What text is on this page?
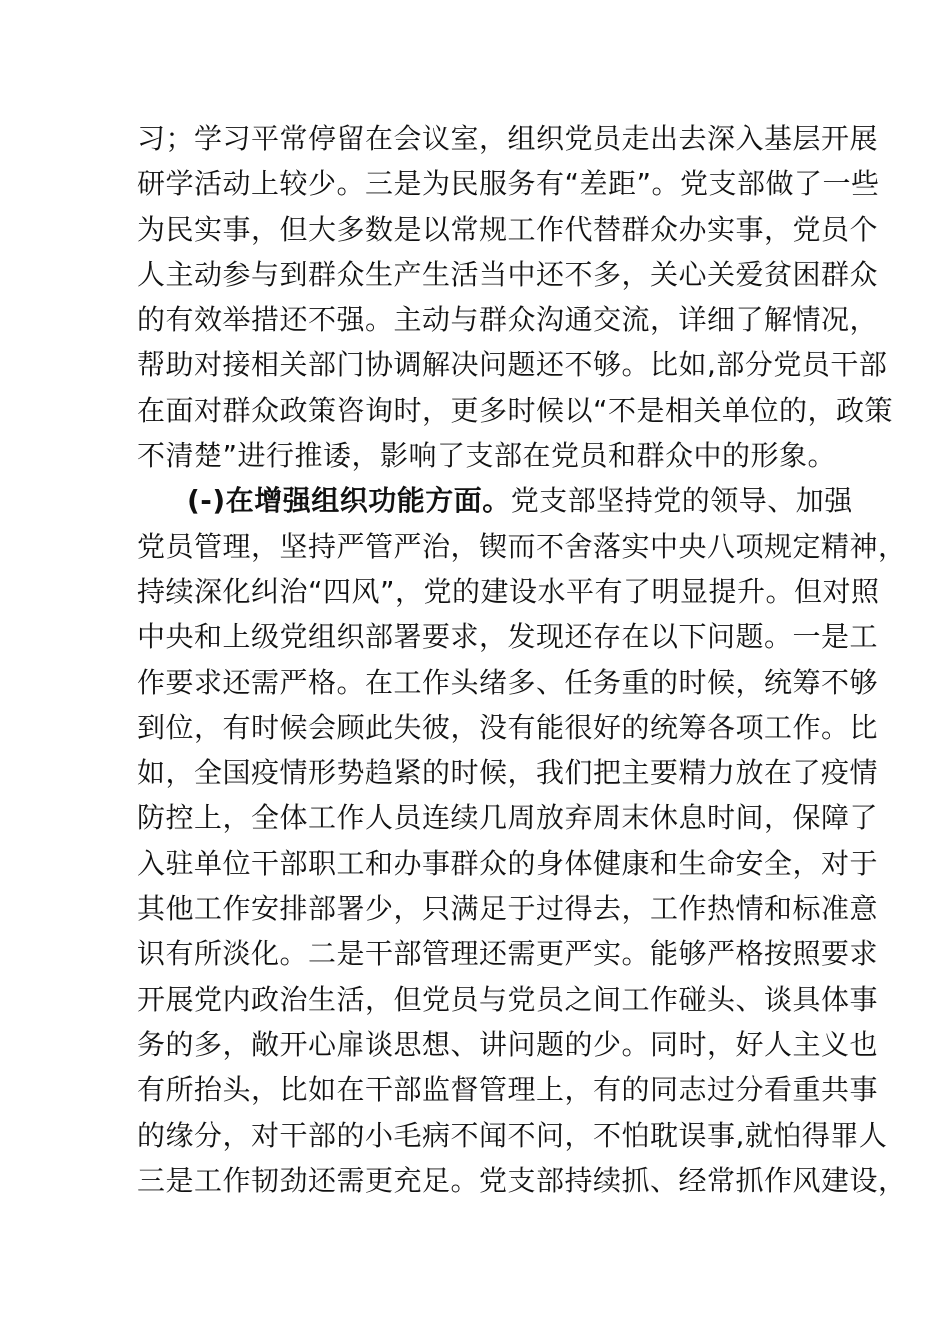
习；学习平常停留在会议室，组织党员走出去深入基层开展
研学活动上较少。三是为民服务有“差距”。党支部做了一些
为民实事，但大多数是以常规工作代替群众办实事，党员个
人主动参与到群众生产生活当中还不多，关心关爱贫困群众
的有效举措还不强。主动与群众沟通交流，详细了解情况，
帮助对接相关部门协调解决问题还不够。比如,部分党员干部
在面对群众政策咨询时，更多时候以“不是相关单位的，政策
不清楚”进行推诿，影响了支部在党员和群众中的形象。
(-)在增强组织功能方面。党支部坚持党的领导、加强
党员管理，坚持严管严治，锲而不舍落实中央八项规定精神，
持续深化纠治“四风”，党的建设水平有了明显提升。但对照
中央和上级党组织部署要求，发现还存在以下问题。一是工
作要求还需严格。在工作头绪多、任务重的时候，统筹不够
到位，有时候会顾此失彼，没有能很好的统筹各项工作。比
如，全国疫情形势趋紧的时候，我们把主要精力放在了疫情
防控上，全体工作人员连续几周放弃周末休息时间，保障了
入驻单位干部职工和办事群众的身体健康和生命安全，对于
其他工作安排部署少，只满足于过得去，工作热情和标准意
识有所淡化。二是干部管理还需更严实。能够严格按照要求
开展党内政治生活，但党员与党员之间工作碰头、谈具体事
务的多，敞开心扉谈思想、讲问题的少。同时，好人主义也
有所抬头，比如在干部监督管理上，有的同志过分看重共事
的缘分，对干部的小毛病不闻不问，不怕耽误事,就怕得罪人
三是工作韧劲还需更充足。党支部持续抓、经常抓作风建设，
